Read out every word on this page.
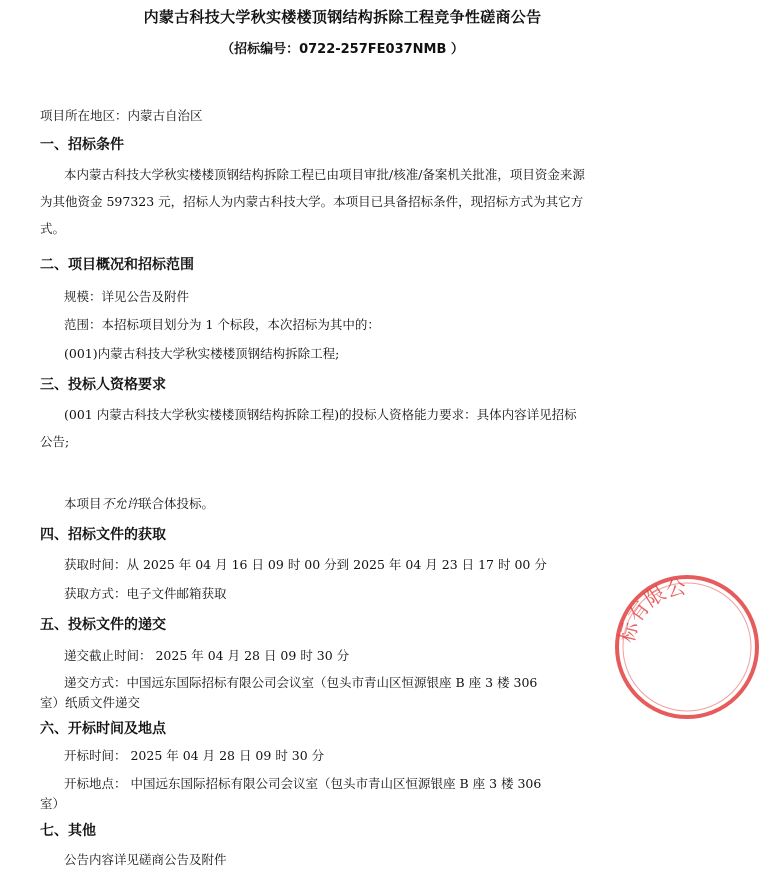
内蒙古科技大学秋实楼楼顶钢结构拆除工程竞争性磋商公告
（招标编号：0722-257FE037NMB ）
项目所在地区：内蒙古自治区
一、招标条件
本内蒙古科技大学秋实楼楼顶钢结构拆除工程已由项目审批/核准/备案机关批准，项目资金来源为其他资金 597323 元，招标人为内蒙古科技大学。本项目已具备招标条件，现招标方式为其它方式。
二、项目概况和招标范围
规模：详见公告及附件
范围：本招标项目划分为 1 个标段，本次招标为其中的：
(001)内蒙古科技大学秋实楼楼顶钢结构拆除工程;
三、投标人资格要求
(001 内蒙古科技大学秋实楼楼顶钢结构拆除工程)的投标人资格能力要求：具体内容详见招标公告;
本项目不允许联合体投标。
四、招标文件的获取
获取时间：从 2025 年 04 月 16 日 09 时 00 分到 2025 年 04 月 23 日 17 时 00 分
获取方式：电子文件邮箱获取
五、投标文件的递交
递交截止时间： 2025 年 04 月 28 日 09 时 30 分
递交方式：中国远东国际招标有限公司会议室（包头市青山区恒源银座 B 座 3 楼 306
室）纸质文件递交
六、开标时间及地点
开标时间： 2025 年 04 月 28 日 09 时 30 分
开标地点： 中国远东国际招标有限公司会议室（包头市青山区恒源银座 B 座 3 楼 306
室）
七、其他
公告内容详见磋商公告及附件
标有限公
